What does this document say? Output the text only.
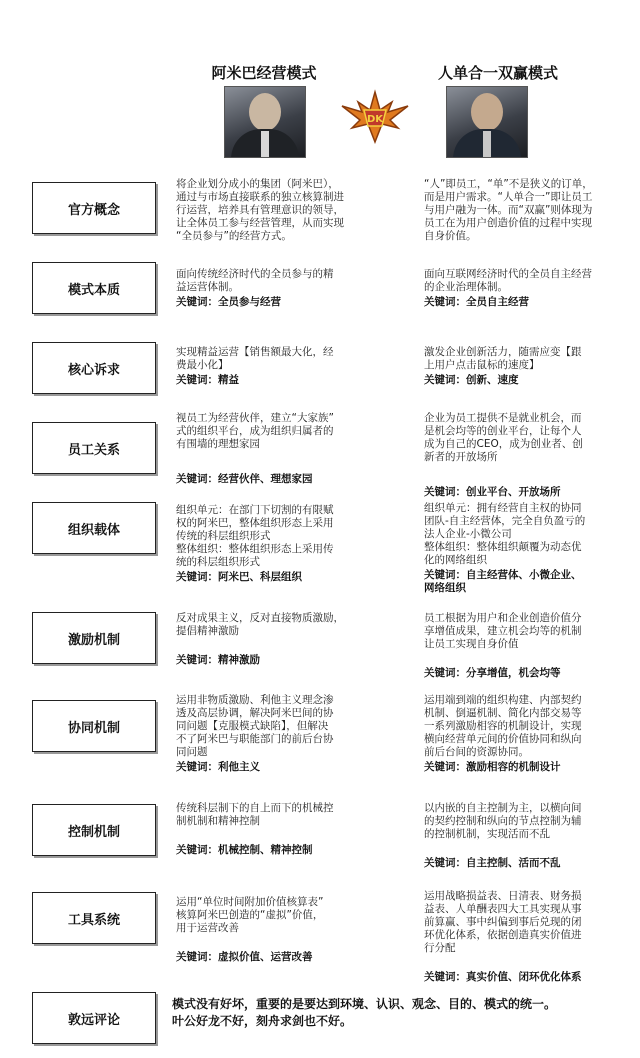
阿米巴经营模式	人单合一双赢模式
DK
官方概念
将企业划分成小的集团（阿米巴），
通过与市场直接联系的独立核算制进
行运营，培养具有管理意识的领导，
让全体员工参与经营管理，从而实现
“全员参与”的经营方式。
“人”即员工，“单”不是狭义的订单，
而是用户需求。“人单合一”即让员工
与用户融为一体。而“双赢”则体现为
员工在为用户创造价值的过程中实现
自身价值。
模式本质
面向传统经济时代的全员参与的精
益运营体制。
关键词：全员参与经营
面向互联网经济时代的全员自主经营
的企业治理体制。
关键词：全员自主经营
核心诉求
实现精益运营【销售额最大化，经
费最小化】
关键词：精益
激发企业创新活力，随需应变【跟
上用户点击鼠标的速度】
关键词：创新、速度
员工关系
视员工为经营伙伴，建立“大家族”
式的组织平台，成为组织归属者的
有围墙的理想家园
关键词：经营伙伴、理想家园
企业为员工提供不是就业机会，而
是机会均等的创业平台，让每个人
成为自己的CEO，成为创业者、创
新者的开放场所
关键词：创业平台、开放场所
组织载体
组织单元：在部门下切割的有限赋
权的阿米巴，整体组织形态上采用
传统的科层组织形式
整体组织：整体组织形态上采用传
统的科层组织形式
关键词：阿米巴、科层组织
组织单元：拥有经营自主权的协同
团队-自主经营体，完全自负盈亏的
法人企业-小微公司
整体组织：整体组织颠覆为动态优
化的网络组织
关键词：自主经营体、小微企业、
网络组织
激励机制
反对成果主义，反对直接物质激励，
提倡精神激励
关键词：精神激励
员工根据为用户和企业创造价值分
享增值成果，建立机会均等的机制
让员工实现自身价值
关键词：分享增值，机会均等
协同机制
运用非物质激励、利他主义理念渗
透及高层协调，解决阿米巴间的协
同问题【克服模式缺陷】，但解决
不了阿米巴与职能部门的前后台协
同问题
关键词：利他主义
运用端到端的组织构建、内部契约
机制、倒逼机制、简化内部交易等
一系列激励相容的机制设计，实现
横向经营单元间的价值协同和纵向
前后台间的资源协同。
关键词：激励相容的机制设计
控制机制
传统科层制下的自上而下的机械控
制机制和精神控制
关键词：机械控制、精神控制
以内嵌的自主控制为主，以横向间
的契约控制和纵向的节点控制为辅
的控制机制，实现活而不乱
关键词：自主控制、活而不乱
工具系统
运用“单位时间附加价值核算表”
核算阿米巴创造的“虚拟”价值，
用于运营改善
关键词：虚拟价值、运营改善
运用战略损益表、日清表、财务损
益表、人单酬表四大工具实现从事
前算赢、事中纠偏到事后兑现的闭
环优化体系，依据创造真实价值进
行分配
关键词：真实价值、闭环优化体系
敦远评论
模式没有好坏，重要的是要达到环境、认识、观念、目的、模式的统一。
叶公好龙不好，刻舟求剑也不好。
